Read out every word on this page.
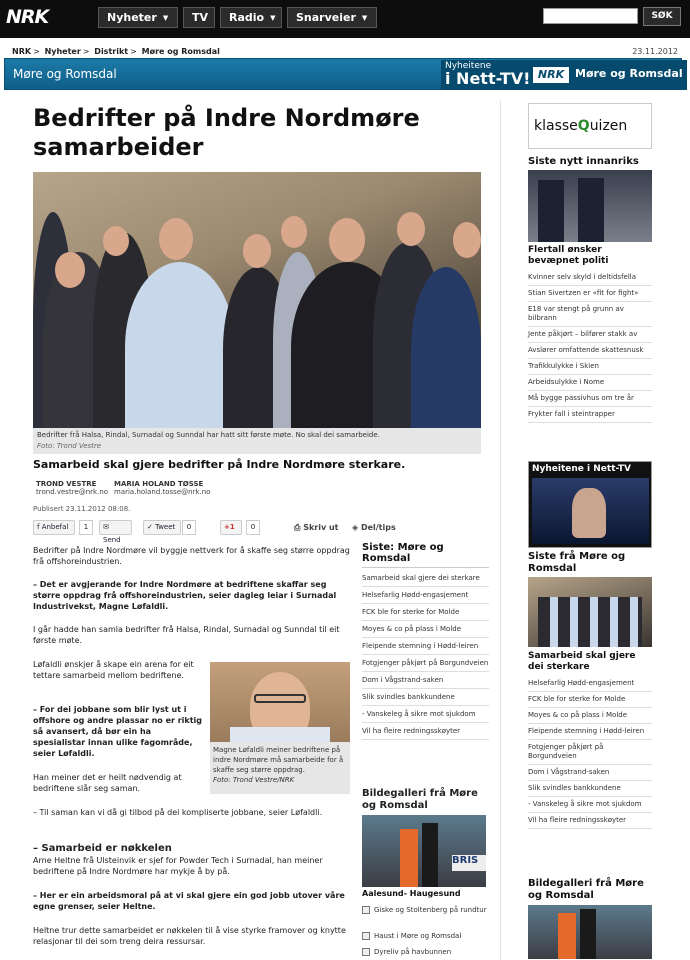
NRK	Nyheter ▼	TV	Radio ▼	Snarveier ▼	SØK
NRK > Nyheter > Distrikt > Møre og Romsdal	23.11.2012
Møre og Romsdal
Nyheitene
i Nett-TV! NRK Møre og Romsdal
Bedrifter på Indre Nordmøre samarbeider
Bedrifter frå Halsa, Rindal, Surnadal og Sunndal har hatt sitt første møte. No skal dei samarbeide.
Foto: Trond Vestre
Samarbeid skal gjere bedrifter på Indre Nordmøre sterkare.
TROND VESTRE
trond.vestre@nrk.no
MARIA HOLAND TØSSE
maria.holand.tosse@nrk.no
Publisert 23.11.2012 08:08.
f Anbefal	1	✉ Send
✓ Tweet	0	+1	0	⎙ Skriv ut ◈ Del/tips

Bedrifter på Indre Nordmøre vil byggje nettverk for å skaffe seg større oppdrag frå offshoreindustrien.

– Det er avgjerande for Indre Nordmøre at bedriftene skaffar seg større oppdrag frå offshoreindustrien, seier dagleg leiar i Surnadal Industrivekst, Magne Løfaldli.

I går hadde han samla bedrifter frå Halsa, Rindal, Surnadal og Sunndal til eit første møte.

Løfaldli ønskjer å skape ein arena for eit tettare samarbeid mellom bedriftene.

– For dei jobbane som blir lyst ut i offshore og andre plassar no er riktig så avansert, då bør ein ha spesialistar innan ulike fagområde, seier Løfaldli.

Han meiner det er heilt nødvendig at bedriftene slår seg saman.

– Til saman kan vi då gi tilbod på dei kompliserte jobbane, seier Løfaldli.

Arne Heltne frå Ulsteinvik er sjef for Powder Tech i Surnadal, han meiner bedriftene på Indre Nordmøre har mykje å by på.

– Her er ein arbeidsmoral på at vi skal gjere ein god jobb utover våre egne grenser, seier Heltne.

Heltne trur dette samarbeidet er nøkkelen til å vise styrke framover og knytte relasjonar til dei som treng deira ressursar.

– Samarbeid er nøkkelen
Magne Løfaldli meiner bedriftene på indre Nordmøre må samarbeide for å skaffe seg større oppdrag.
Foto: Trond Vestre/NRK
Siste: Møre og Romsdal
Samarbeid skal gjere dei sterkare
Helsefarlig Hødd-engasjement
FCK ble for sterke for Molde
Moyes & co på plass i Molde
Fleipende stemning i Hødd-leiren
Fotgjenger påkjørt på Borgundveien
Dom i Vågstrand-saken
Slik svindles bankkundene
- Vanskeleg å sikre mot sjukdom
Vil ha fleire redningsskøyter
Bildegalleri frå Møre og Romsdal
BRIS
Aalesund- Haugesund
Giske og Stoltenberg på rundtur
Haust i Møre og Romsdal
Dyreliv på havbunnen
klasseQuizen
Siste nytt innanriks
Flertall ønsker bevæpnet politi
Kvinner selv skyld i deltidsfella
Stian Sivertzen er «fit for fight»
E18 var stengt på grunn av bilbrann
Jente påkjørt – bilfører stakk av
Avslører omfattende skattesnusk
Trafikkulykke i Skien
Arbeidsulykke i Nome
Må bygge passivhus om tre år
Frykter fall i steintrapper
Nyheitene i Nett-TV
Siste frå Møre og Romsdal
Samarbeid skal gjere dei sterkare
Helsefarlig Hødd-engasjement
FCK ble for sterke for Molde
Moyes & co på plass i Molde
Fleipende stemning i Hødd-leiren
Fotgjenger påkjørt på Borgundveien
Dom i Vågstrand-saken
Slik svindles bankkundene
- Vanskeleg å sikre mot sjukdom
Vil ha fleire redningsskøyter
Bildegalleri frå Møre og Romsdal
